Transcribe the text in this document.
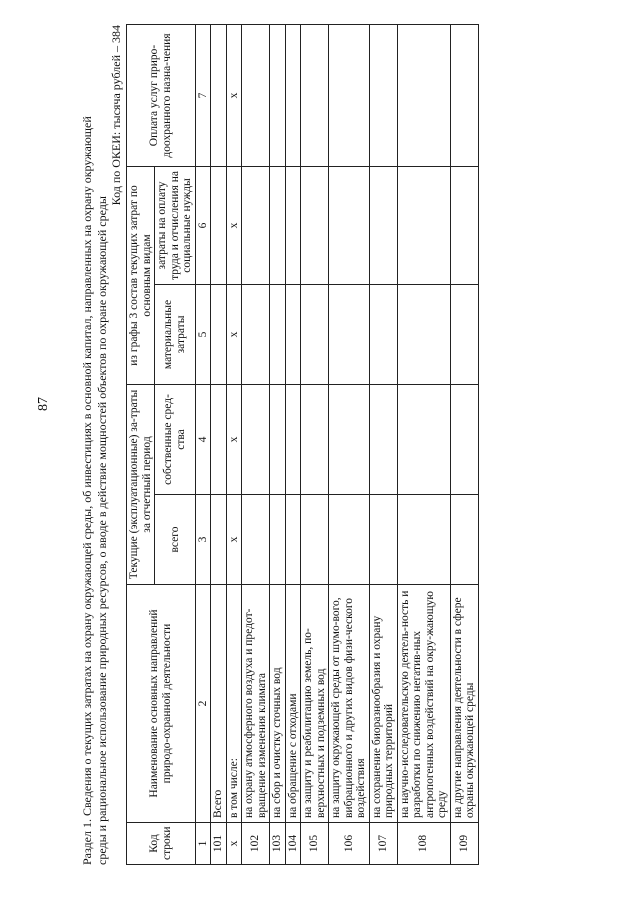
87 Раздел 1. Сведения о текущих затратах на охрану окружающей среды, об инвестициях в основной капитал, направленных на охрану окружающей среды и рациональное использование природных ресурсов, о вводе в действие мощностей объектов по охране окружающей среды
Код по ОКЕИ: тысяча рублей – 384
Код строки	Наименование основных направлений природо-охранной деятельности	Текущие (эксплуатационные) за-траты за отчетный период		из графы 3 состав текущих затрат по основным видам		Оплата услуг приро-доохранного назна-чения
				материальные затраты	затраты на оплату труда и отчисления на социальные нужды	
		всего	собственные сред-ства			
1	2	3	4	5	6	7
101	Всего					
х	в том числе:	х	х	х	х	х
102	на охрану атмосферного воздуха и предот-вращение изменения климата					
103	на сбор и очистку сточных вод					
104	на обращение с отходами					
105	на защиту и реабилитацию земель, по-верхностных и подземных вод					
106	на защиту окружающей среды от шумо-вого, вибрационного и других видов физи-ческого воздействия					
107	на сохранение биоразнообразия и охрану природных территорий					
108	на научно-исследовательскую деятель-ность и разработки по снижению негатив-ных антропогенных воздействий на окру-жающую среду					
109	на другие направления деятельности в сфере охраны окружающей среды					
